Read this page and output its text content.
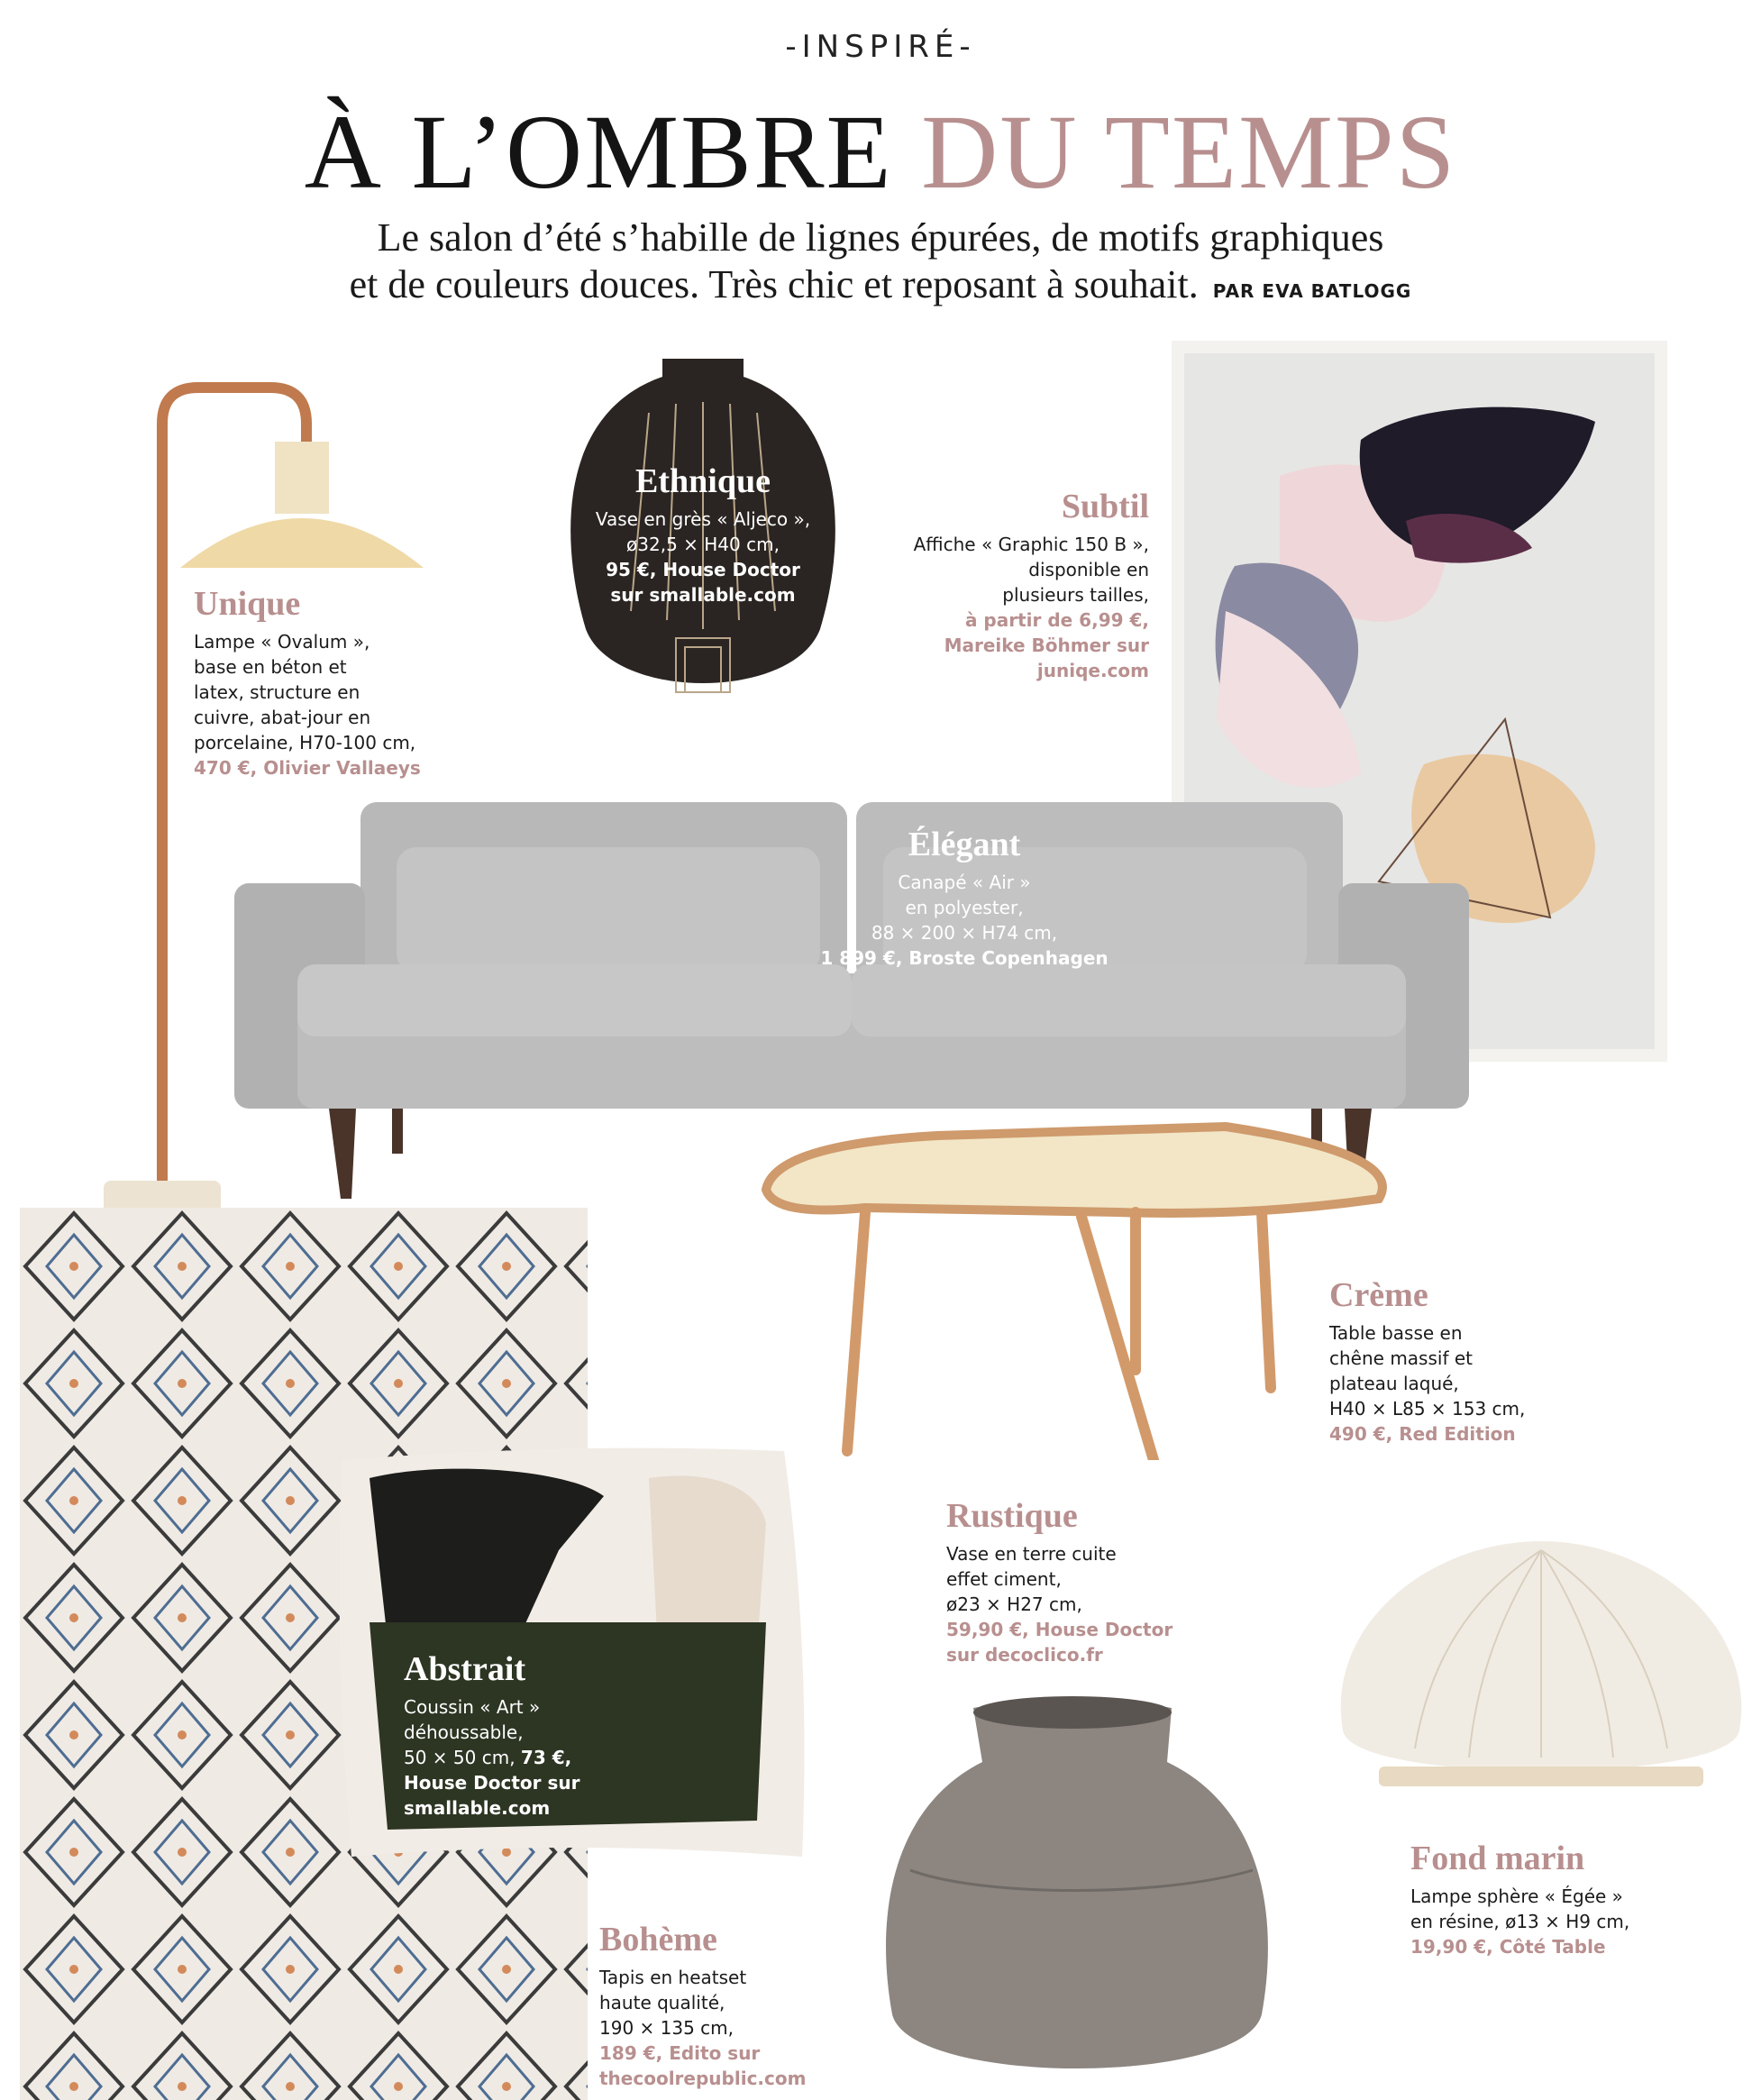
-INSPIRÉ-
À L’OMBRE DU TEMPS
Le salon d’été s’habille de lignes épurées, de motifs graphiques
et de couleurs douces. Très chic et reposant à souhait. PAR EVA BATLOGG
Unique
Lampe « Ovalum »,
base en béton et
latex, structure en
cuivre, abat-jour en
porcelaine, H70-100 cm,
470 €, Olivier Vallaeys
Ethnique
Vase en grès « Aljeco »,
ø32,5 × H40 cm,
95 €, House Doctor
sur smallable.com
Subtil
Affiche « Graphic 150 B »,
disponible en
plusieurs tailles,
à partir de 6,99 €,
Mareike Böhmer sur
juniqe.com
Élégant
Canapé « Air »
en polyester,
88 × 200 × H74 cm,
1 899 €, Broste Copenhagen
Crème
Table basse en
chêne massif et
plateau laqué,
H40 × L85 × 153 cm,
490 €, Red Edition
Rustique
Vase en terre cuite
effet ciment,
ø23 × H27 cm,
59,90 €, House Doctor
sur decoclico.fr
Abstrait
Coussin « Art »
déhoussable,
50 × 50 cm, 73 €,
House Doctor sur
smallable.com
Fond marin
Lampe sphère « Égée »
en résine, ø13 × H9 cm,
19,90 €, Côté Table
Bohème
Tapis en heatset
haute qualité,
190 × 135 cm,
189 €, Edito sur
thecoolrepublic.com
